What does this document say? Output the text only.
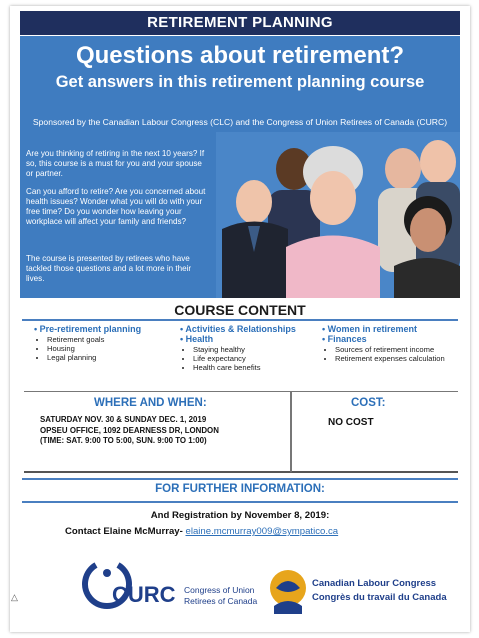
RETIREMENT PLANNING
Questions about retirement?
Get answers in this retirement planning course
Sponsored by the Canadian Labour Congress (CLC) and the Congress of Union Retirees of Canada (CURC)
Are you thinking of retiring in the next 10 years? If so, this course is a must for you and your spouse or partner.
Can you afford to retire? Are you concerned about health issues? Wonder what you will do with your free time? Do you wonder how leaving your workplace will affect your family and friends?
The course is presented by retirees who have tackled those questions and a lot more in their lives.
COURSE CONTENT
• Pre-retirement planning
• Retirement goals
• Housing
• Legal planning
• Activities & Relationships
• Health
• Staying healthy
• Life expectancy
• Health care benefits
• Women in retirement
• Finances
• Sources of retirement income
• Retirement expenses calculation
WHERE AND WHEN:	COST:
SATURDAY NOV. 30 & SUNDAY DEC. 1, 2019
OPSEU OFFICE, 1092 DEARNESS DR, LONDON
(TIME: SAT. 9:00 TO 5:00, SUN. 9:00 TO 1:00)
NO COST
FOR FURTHER INFORMATION:
And Registration by November 8, 2019:
Contact Elaine McMurray- elaine.mcmurray009@sympatico.ca
△	CURC Congress of Union
Retirees of Canada
Canadian Labour Congress
Congrès du travail du Canada
